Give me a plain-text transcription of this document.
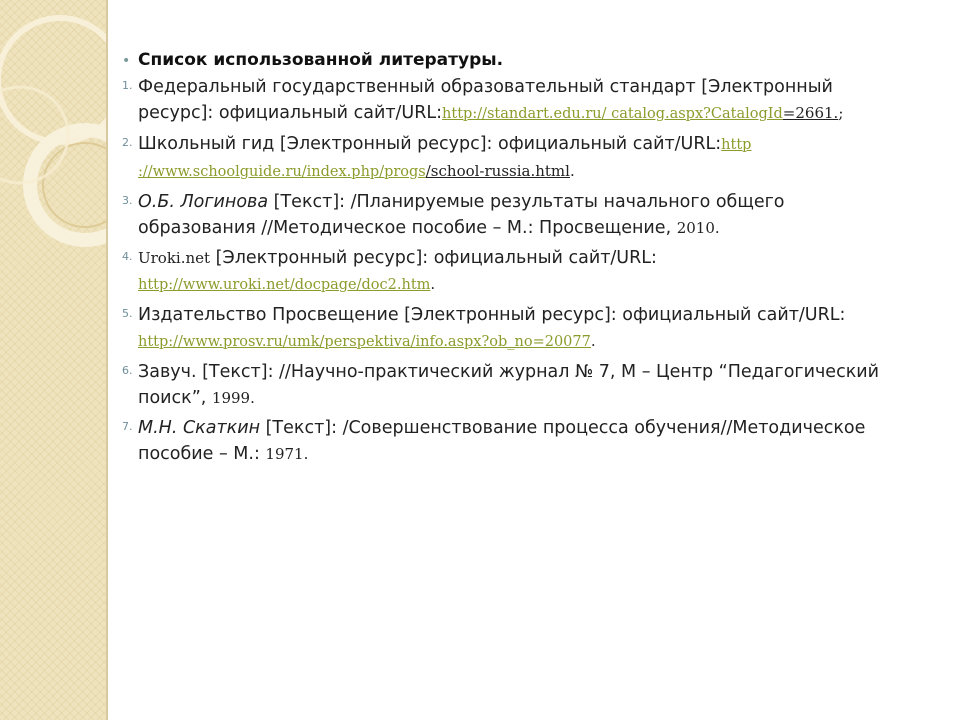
• Список использованной литературы.
1. Федеральный государственный образовательный стандарт [Электронный ресурс]: официальный сайт/URL:http://standart.edu.ru/ catalog.aspx?CatalogId=2661.;
2. Школьный гид [Электронный ресурс]: официальный сайт/URL:http ://www.schoolguide.ru/index.php/progs/school-russia.html.
3. О.Б. Логинова [Текст]: /Планируемые результаты начального общего образования //Методическое пособие – М.: Просвещение, 2010.
4. Uroki.net [Электронный ресурс]: официальный сайт/URL: http://www.uroki.net/docpage/doc2.htm.
5. Издательство Просвещение [Электронный ресурс]: официальный сайт/URL: http://www.prosv.ru/umk/perspektiva/info.aspx?ob_no=20077.
6. Завуч. [Текст]: //Научно-практический журнал № 7, М – Центр “Педагогический поиск”, 1999.
7. М.Н. Скаткин [Текст]: /Совершенствование процесса обучения//Методическое пособие – М.: 1971.
